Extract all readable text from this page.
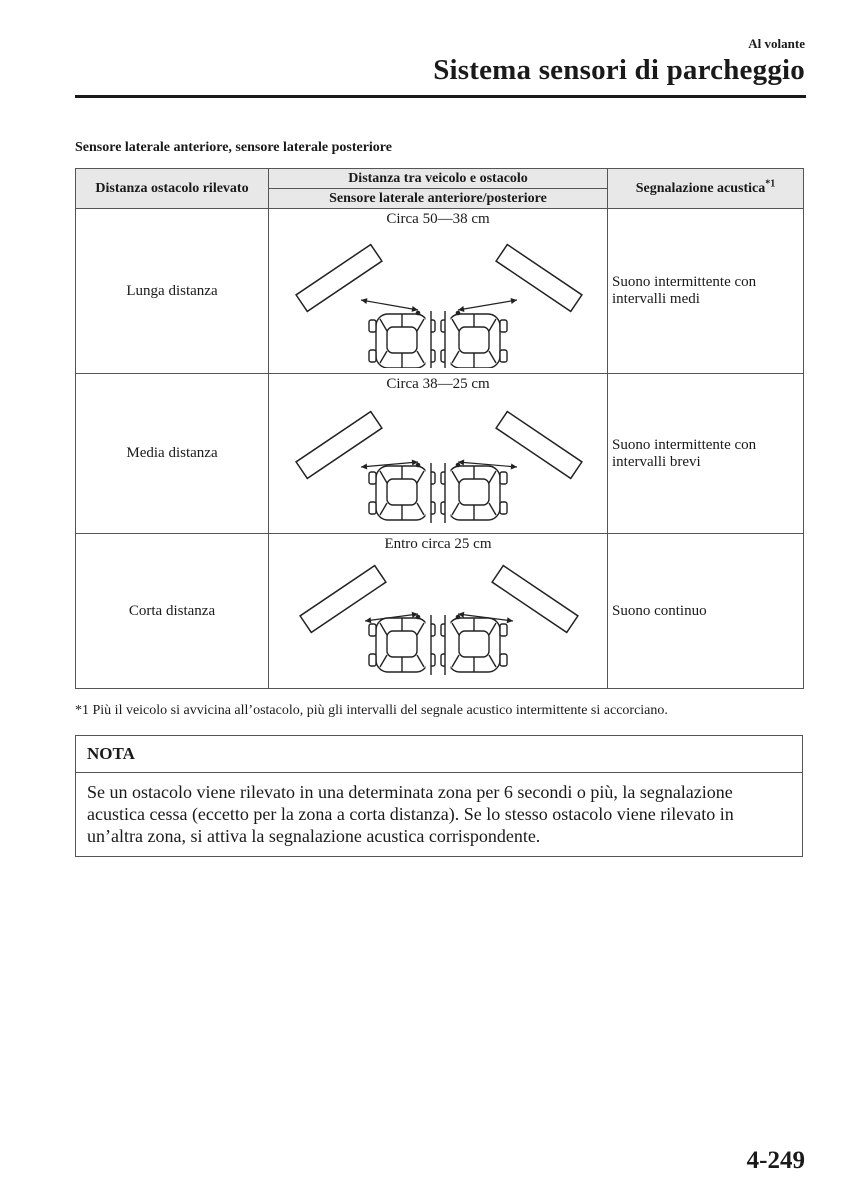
Al volante
Sistema sensori di parcheggio
Sensore laterale anteriore, sensore laterale posteriore
Distanza ostacolo rilevato	Distanza tra veicolo e ostacolo	Segnalazione acustica$^{*1}$
	Sensore laterale anteriore/posteriore	
Lunga distanza	Circa 50—38 cm	Suono intermittente con intervalli medi
Media distanza	Circa 38—25 cm	Suono intermittente con intervalli brevi
Corta distanza	Entro circa 25 cm	Suono continuo
*1 Più il veicolo si avvicina all’ostacolo, più gli intervalli del segnale acustico intermittente si accorciano.
NOTA
Se un ostacolo viene rilevato in una determinata zona per 6 secondi o più, la segnalazione acustica cessa (eccetto per la zona a corta distanza). Se lo stesso ostacolo viene rilevato in un’altra zona, si attiva la segnalazione acustica corrispondente.
4-249
